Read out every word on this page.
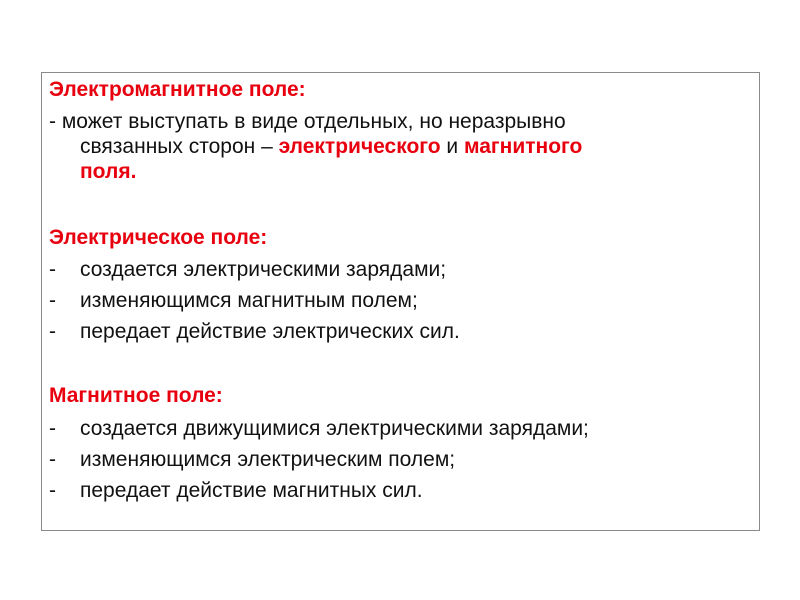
Электромагнитное поле:
- может выступать в виде отдельных, но неразрывно
связанных сторон – электрического и магнитного
поля.
Электрическое поле:
- создается электрическими зарядами;
- изменяющимся магнитным полем;
- передает действие электрических сил.
Магнитное поле:
- создается движущимися электрическими зарядами;
- изменяющимся электрическим полем;
- передает действие магнитных сил.
